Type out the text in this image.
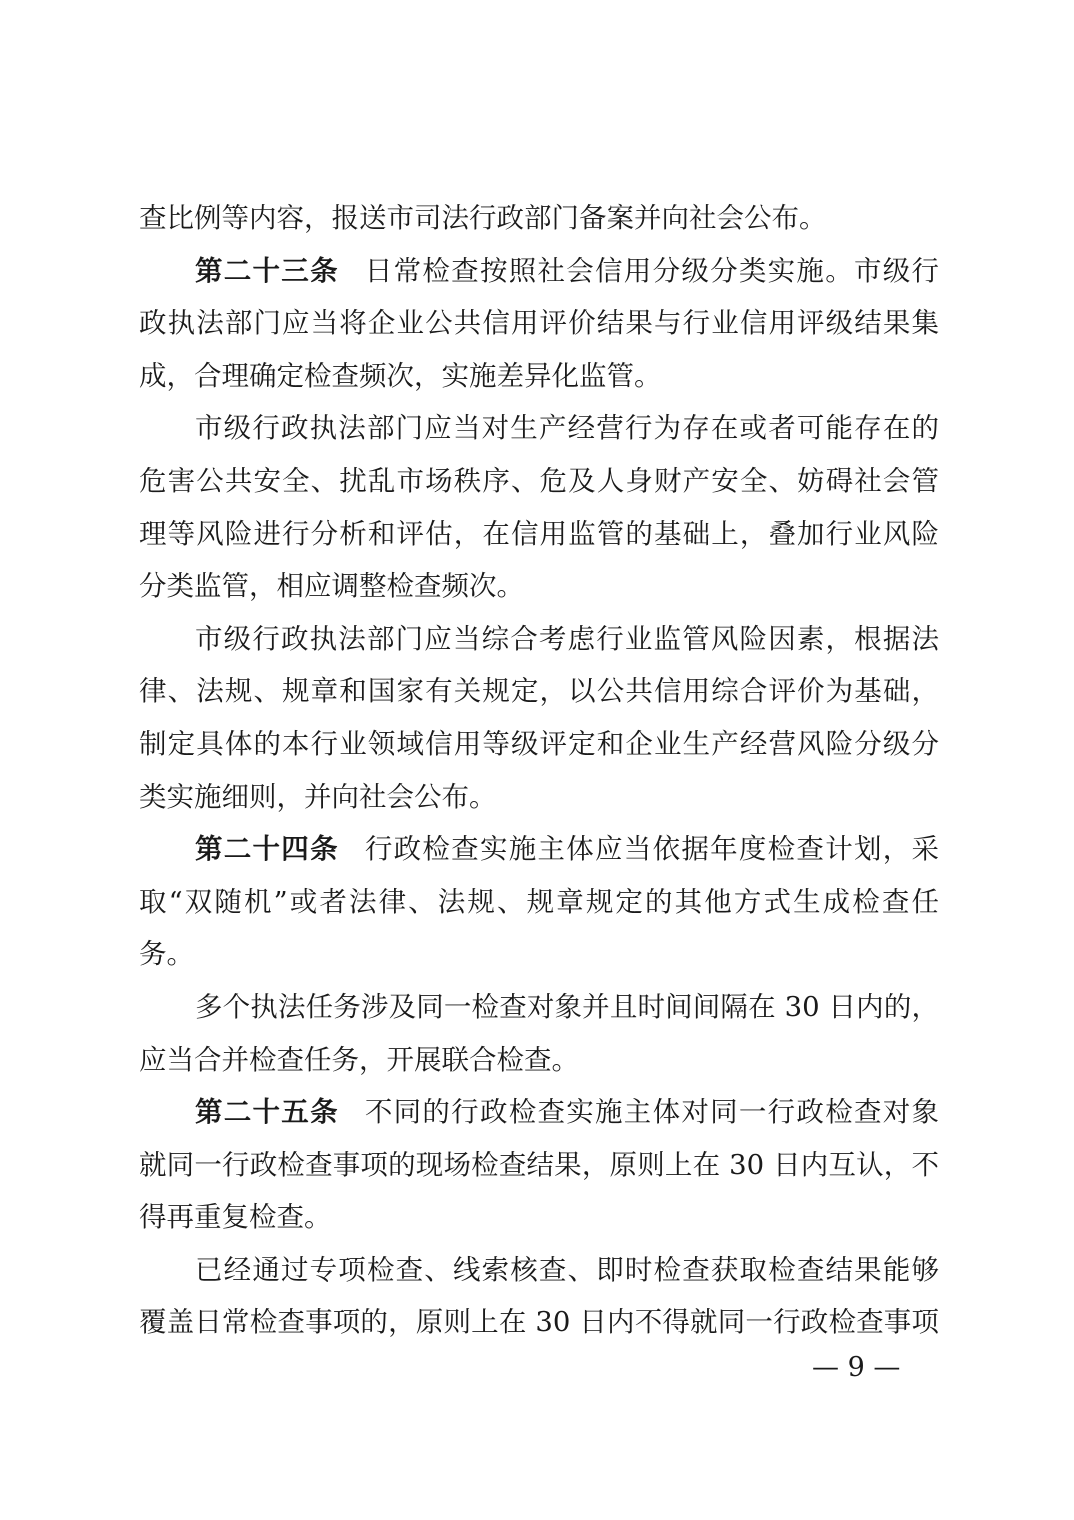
查比例等内容，报送市司法行政部门备案并向社会公布。
第二十三条 日常检查按照社会信用分级分类实施。市级行
政执法部门应当将企业公共信用评价结果与行业信用评级结果集
成，合理确定检查频次，实施差异化监管。
市级行政执法部门应当对生产经营行为存在或者可能存在的
危害公共安全、扰乱市场秩序、危及人身财产安全、妨碍社会管
理等风险进行分析和评估，在信用监管的基础上，叠加行业风险
分类监管，相应调整检查频次。
市级行政执法部门应当综合考虑行业监管风险因素，根据法
律、法规、规章和国家有关规定，以公共信用综合评价为基础，
制定具体的本行业领域信用等级评定和企业生产经营风险分级分
类实施细则，并向社会公布。
第二十四条 行政检查实施主体应当依据年度检查计划，采
取“双随机”或者法律、法规、规章规定的其他方式生成检查任
务。
多个执法任务涉及同一检查对象并且时间间隔在 30 日内的，
应当合并检查任务，开展联合检查。
第二十五条 不同的行政检查实施主体对同一行政检查对象
就同一行政检查事项的现场检查结果，原则上在 30 日内互认，不
得再重复检查。
已经通过专项检查、线索核查、即时检查获取检查结果能够
覆盖日常检查事项的，原则上在 30 日内不得就同一行政检查事项
— 9 —
